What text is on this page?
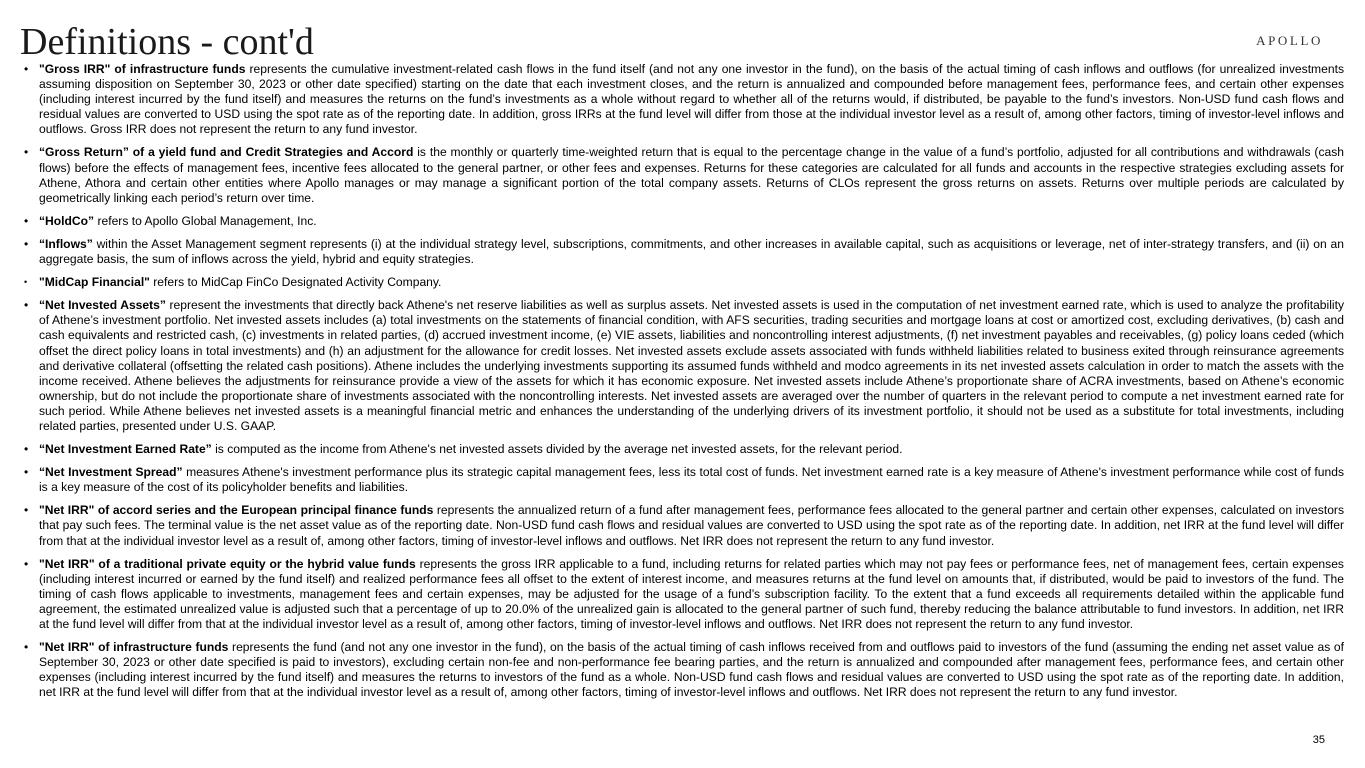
Definitions - cont'd	APOLLO
• "Gross IRR" of infrastructure funds represents the cumulative investment-related cash flows in the fund itself (and not any one investor in the fund), on the basis of the actual timing of cash inflows and outflows (for unrealized investments assuming disposition on September 30, 2023 or other date specified) starting on the date that each investment closes, and the return is annualized and compounded before management fees, performance fees, and certain other expenses (including interest incurred by the fund itself) and measures the returns on the fund’s investments as a whole without regard to whether all of the returns would, if distributed, be payable to the fund’s investors. Non-USD fund cash flows and residual values are converted to USD using the spot rate as of the reporting date. In addition, gross IRRs at the fund level will differ from those at the individual investor level as a result of, among other factors, timing of investor-level inflows and outflows. Gross IRR does not represent the return to any fund investor.
• “Gross Return” of a yield fund and Credit Strategies and Accord is the monthly or quarterly time-weighted return that is equal to the percentage change in the value of a fund’s portfolio, adjusted for all contributions and withdrawals (cash flows) before the effects of management fees, incentive fees allocated to the general partner, or other fees and expenses. Returns for these categories are calculated for all funds and accounts in the respective strategies excluding assets for Athene, Athora and certain other entities where Apollo manages or may manage a significant portion of the total company assets. Returns of CLOs represent the gross returns on assets. Returns over multiple periods are calculated by geometrically linking each period’s return over time.
• “HoldCo” refers to Apollo Global Management, Inc.
• “Inflows” within the Asset Management segment represents (i) at the individual strategy level, subscriptions, commitments, and other increases in available capital, such as acquisitions or leverage, net of inter-strategy transfers, and (ii) on an aggregate basis, the sum of inflows across the yield, hybrid and equity strategies.
• "MidCap Financial" refers to MidCap FinCo Designated Activity Company.
• “Net Invested Assets” represent the investments that directly back Athene's net reserve liabilities as well as surplus assets. Net invested assets is used in the computation of net investment earned rate, which is used to analyze the profitability of Athene’s investment portfolio. Net invested assets includes (a) total investments on the statements of financial condition, with AFS securities, trading securities and mortgage loans at cost or amortized cost, excluding derivatives, (b) cash and cash equivalents and restricted cash, (c) investments in related parties, (d) accrued investment income, (e) VIE assets, liabilities and noncontrolling interest adjustments, (f) net investment payables and receivables, (g) policy loans ceded (which offset the direct policy loans in total investments) and (h) an adjustment for the allowance for credit losses. Net invested assets exclude assets associated with funds withheld liabilities related to business exited through reinsurance agreements and derivative collateral (offsetting the related cash positions). Athene includes the underlying investments supporting its assumed funds withheld and modco agreements in its net invested assets calculation in order to match the assets with the income received. Athene believes the adjustments for reinsurance provide a view of the assets for which it has economic exposure. Net invested assets include Athene’s proportionate share of ACRA investments, based on Athene’s economic ownership, but do not include the proportionate share of investments associated with the noncontrolling interests. Net invested assets are averaged over the number of quarters in the relevant period to compute a net investment earned rate for such period. While Athene believes net invested assets is a meaningful financial metric and enhances the understanding of the underlying drivers of its investment portfolio, it should not be used as a substitute for total investments, including related parties, presented under U.S. GAAP.
• “Net Investment Earned Rate” is computed as the income from Athene's net invested assets divided by the average net invested assets, for the relevant period.
• “Net Investment Spread” measures Athene's investment performance plus its strategic capital management fees, less its total cost of funds. Net investment earned rate is a key measure of Athene's investment performance while cost of funds is a key measure of the cost of its policyholder benefits and liabilities.
• "Net IRR" of accord series and the European principal finance funds represents the annualized return of a fund after management fees, performance fees allocated to the general partner and certain other expenses, calculated on investors that pay such fees. The terminal value is the net asset value as of the reporting date. Non-USD fund cash flows and residual values are converted to USD using the spot rate as of the reporting date. In addition, net IRR at the fund level will differ from that at the individual investor level as a result of, among other factors, timing of investor-level inflows and outflows. Net IRR does not represent the return to any fund investor.
• "Net IRR" of a traditional private equity or the hybrid value funds represents the gross IRR applicable to a fund, including returns for related parties which may not pay fees or performance fees, net of management fees, certain expenses (including interest incurred or earned by the fund itself) and realized performance fees all offset to the extent of interest income, and measures returns at the fund level on amounts that, if distributed, would be paid to investors of the fund. The timing of cash flows applicable to investments, management fees and certain expenses, may be adjusted for the usage of a fund’s subscription facility. To the extent that a fund exceeds all requirements detailed within the applicable fund agreement, the estimated unrealized value is adjusted such that a percentage of up to 20.0% of the unrealized gain is allocated to the general partner of such fund, thereby reducing the balance attributable to fund investors. In addition, net IRR at the fund level will differ from that at the individual investor level as a result of, among other factors, timing of investor-level inflows and outflows. Net IRR does not represent the return to any fund investor.
• "Net IRR" of infrastructure funds represents the fund (and not any one investor in the fund), on the basis of the actual timing of cash inflows received from and outflows paid to investors of the fund (assuming the ending net asset value as of September 30, 2023 or other date specified is paid to investors), excluding certain non-fee and non-performance fee bearing parties, and the return is annualized and compounded after management fees, performance fees, and certain other expenses (including interest incurred by the fund itself) and measures the returns to investors of the fund as a whole. Non-USD fund cash flows and residual values are converted to USD using the spot rate as of the reporting date. In addition, net IRR at the fund level will differ from that at the individual investor level as a result of, among other factors, timing of investor-level inflows and outflows. Net IRR does not represent the return to any fund investor.
35
